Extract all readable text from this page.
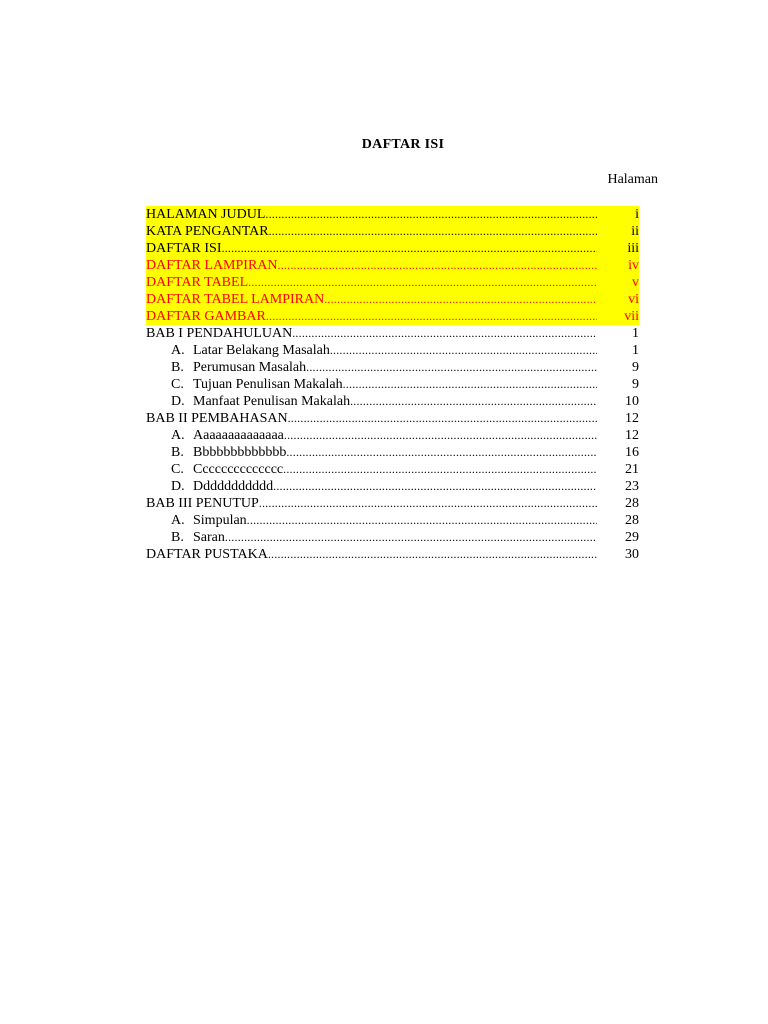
DAFTAR ISI
Halaman
HALAMAN JUDUL .....	i
KATA PENGANTAR .....	ii
DAFTAR ISI .....	iii
DAFTAR LAMPIRAN .....	iv
DAFTAR TABEL .....	v
DAFTAR TABEL LAMPIRAN .....	vi
DAFTAR GAMBAR .....	vii
BAB I PENDAHULUAN .....	1
A. Latar Belakang Masalah .....	1
B. Perumusan Masalah .....	9
C. Tujuan Penulisan Makalah .....	9
D. Manfaat Penulisan Makalah .....	10
BAB II PEMBAHASAN .....	12
A. Aaaaaaaaaaaaaa .....	12
B. Bbbbbbbbbbbbb .....	16
C. Cccccccccccccc .....	21
D. Ddddddddddd .....	23
BAB III PENUTUP .....	28
A. Simpulan .....	28
B. Saran .....	29
DAFTAR PUSTAKA .....	30
